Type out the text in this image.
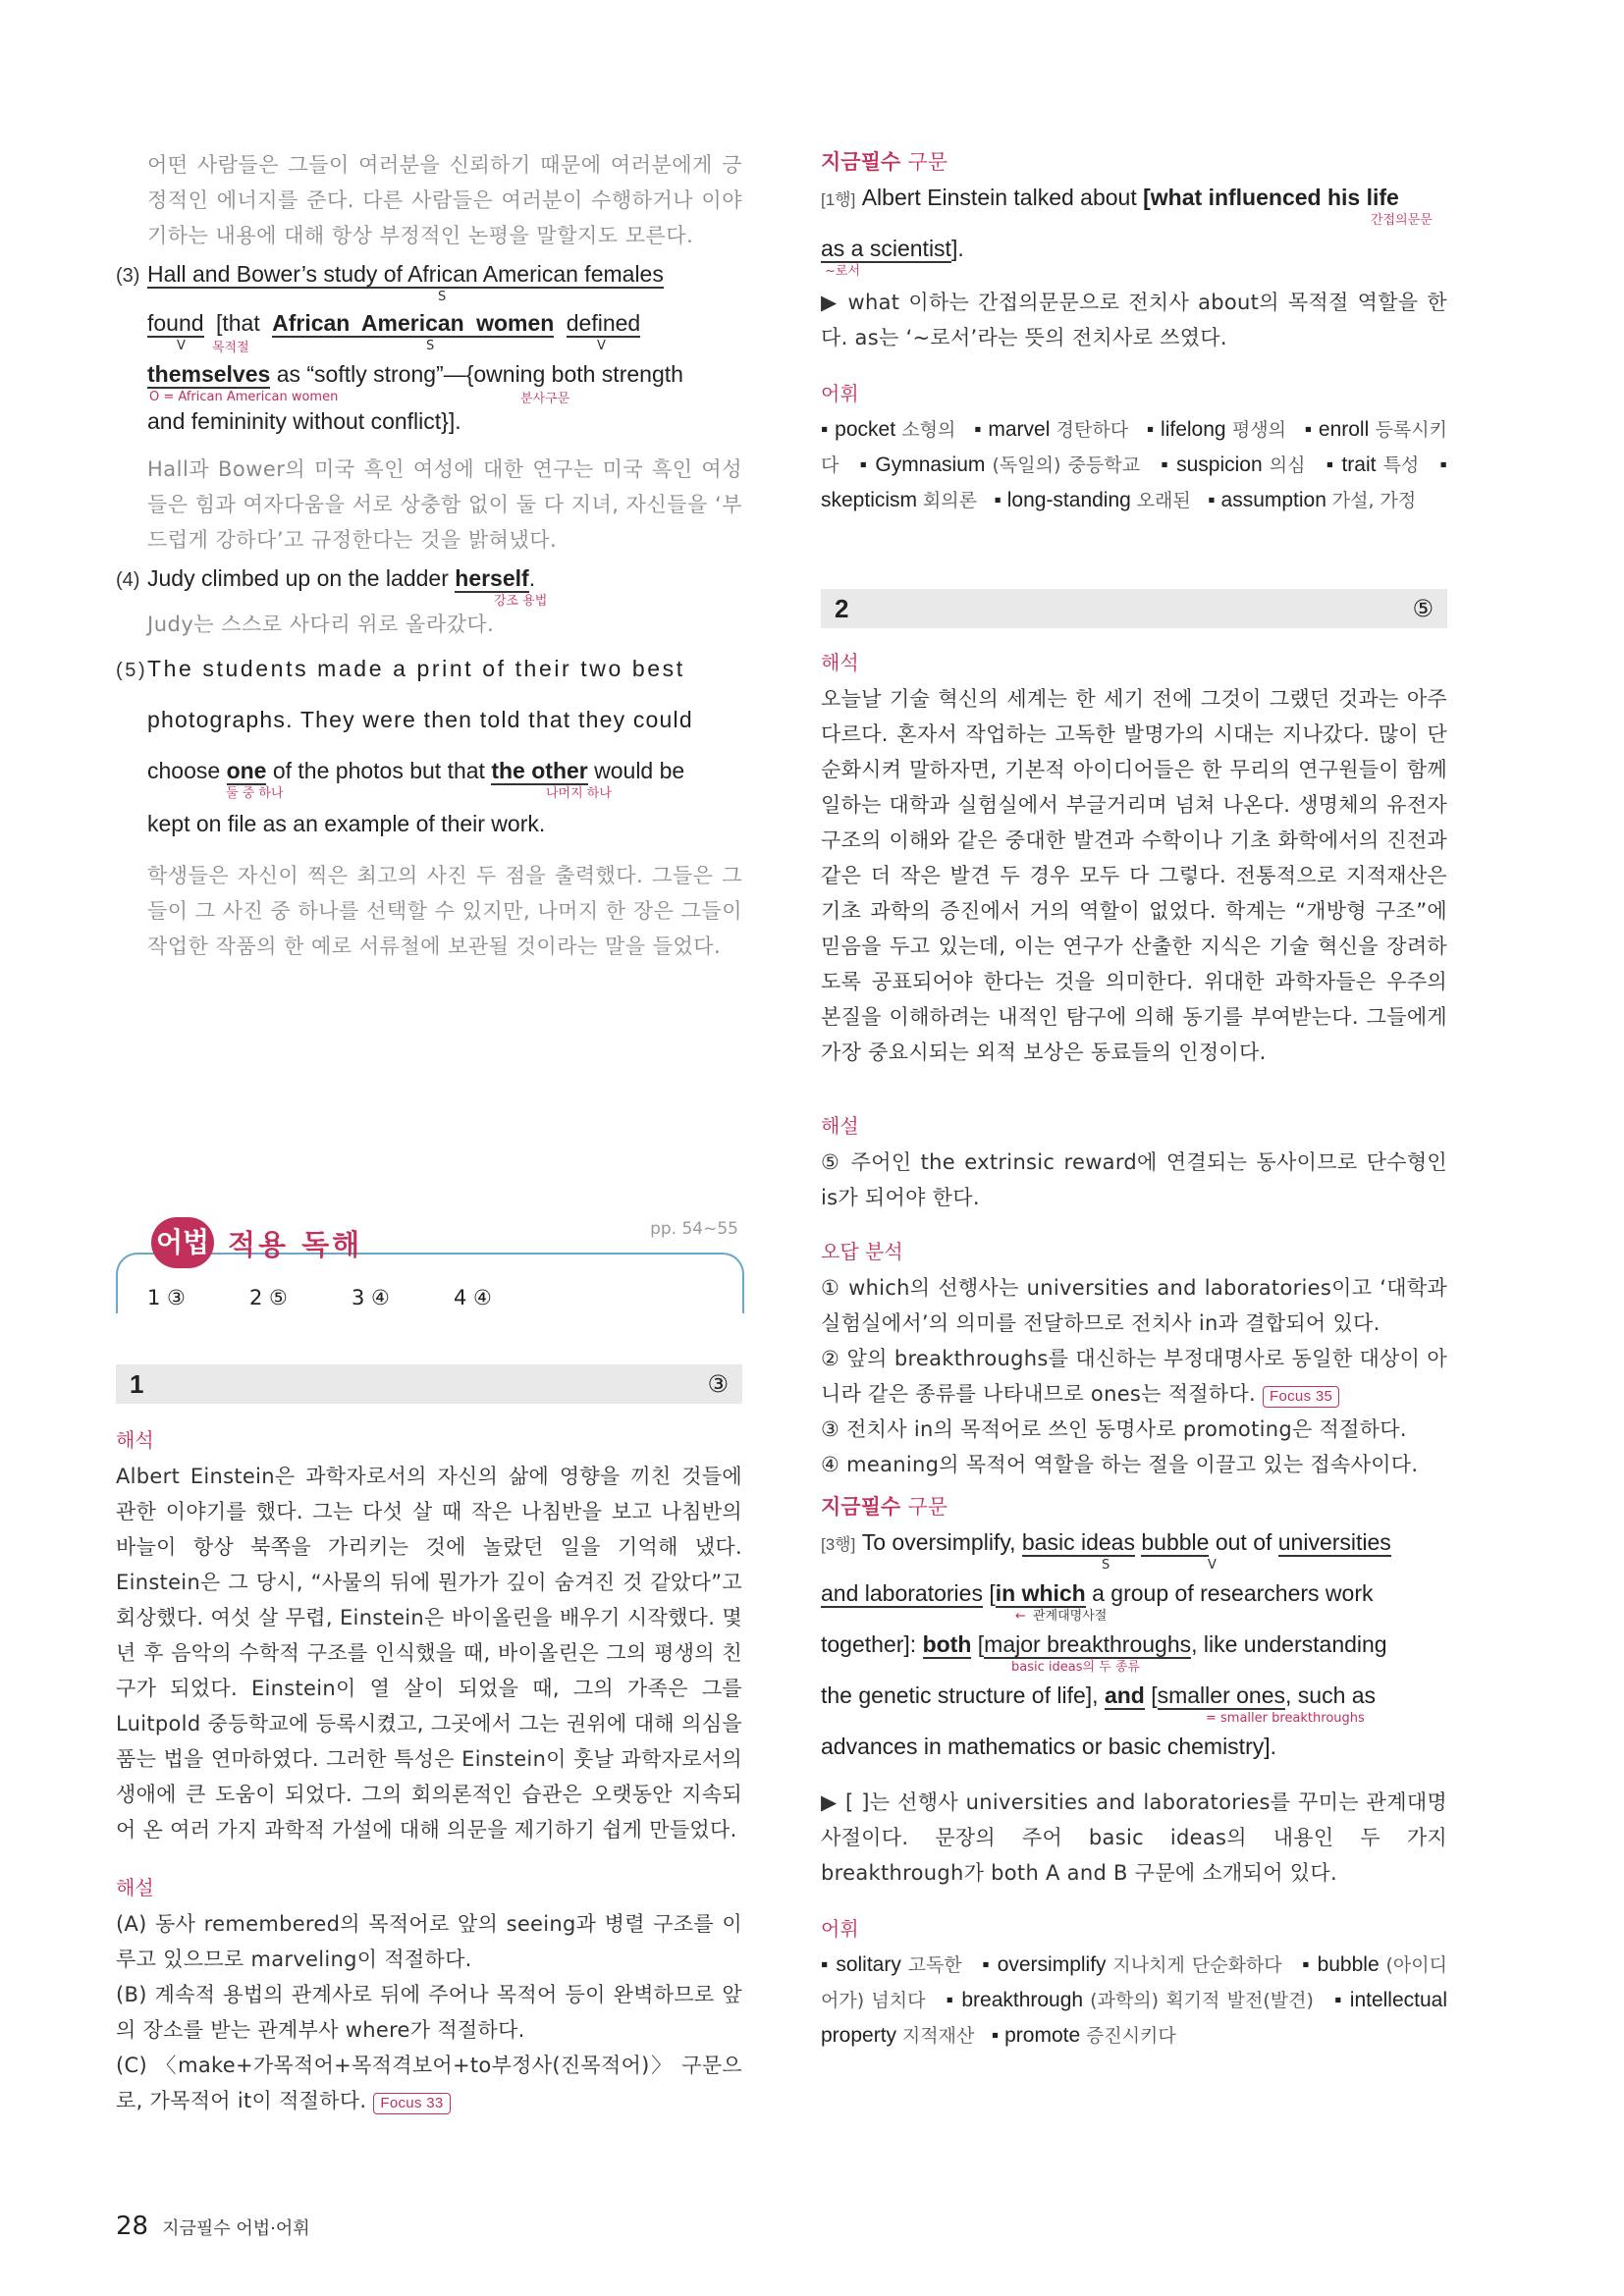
어떤 사람들은 그들이 여러분을 신뢰하기 때문에 여러분에게 긍정적인 에너지를 준다. 다른 사람들은 여러분이 수행하거나 이야기하는 내용에 대해 항상 부정적인 논평을 말할지도 모른다.

(3) Hall and Bower’s study of African American females
S
found [that African American women defined
V 목적절	S	V
themselves as “softly strong”—{owning both strength
O = African American women	분사구문
and femininity without conflict}].

Hall과 Bower의 미국 흑인 여성에 대한 연구는 미국 흑인 여성들은 힘과 여자다움을 서로 상충함 없이 둘 다 지녀, 자신들을 ‘부드럽게 강하다’고 규정한다는 것을 밝혀냈다.

(4) Judy climbed up on the ladder herself.
강조 용법

Judy는 스스로 사다리 위로 올라갔다.

(5)The students made a print of their two best
photographs. They were then told that they could
choose one of the photos but that the other would be
둘 중 하나	나머지 하나
kept on file as an example of their work.

학생들은 자신이 찍은 최고의 사진 두 점을 출력했다. 그들은 그들이 그 사진 중 하나를 선택할 수 있지만, 나머지 한 장은 그들이 작업한 작품의 한 예로 서류철에 보관될 것이라는 말을 들었다.

어법 적용 독해	pp. 54~55
1 ③	2 ⑤	3 ④	4 ④
1	③

해석

Albert Einstein은 과학자로서의 자신의 삶에 영향을 끼친 것들에 관한 이야기를 했다. 그는 다섯 살 때 작은 나침반을 보고 나침반의 바늘이 항상 북쪽을 가리키는 것에 놀랐던 일을 기억해 냈다. Einstein은 그 당시, “사물의 뒤에 뭔가가 깊이 숨겨진 것 같았다”고 회상했다. 여섯 살 무렵, Einstein은 바이올린을 배우기 시작했다. 몇 년 후 음악의 수학적 구조를 인식했을 때, 바이올린은 그의 평생의 친구가 되었다. Einstein이 열 살이 되었을 때, 그의 가족은 그를 Luitpold 중등학교에 등록시켰고, 그곳에서 그는 권위에 대해 의심을 품는 법을 연마하였다. 그러한 특성은 Einstein이 훗날 과학자로서의 생애에 큰 도움이 되었다. 그의 회의론적인 습관은 오랫동안 지속되어 온 여러 가지 과학적 가설에 대해 의문을 제기하기 쉽게 만들었다.

해설

(A) 동사 remembered의 목적어로 앞의 seeing과 병렬 구조를 이루고 있으므로 marveling이 적절하다.

(B) 계속적 용법의 관계사로 뒤에 주어나 목적어 등이 완벽하므로 앞의 장소를 받는 관계부사 where가 적절하다.

(C) 〈make+가목적어+목적격보어+to부정사(진목적어)〉 구문으로, 가목적어 it이 적절하다. Focus 33

지금필수 구문

[1행] Albert Einstein talked about [what influenced his life
간접의문문
as a scientist].
~로서

▶ what 이하는 간접의문문으로 전치사 about의 목적절 역할을 한다. as는 ‘~로서’라는 뜻의 전치사로 쓰였다.

어휘

▪ pocket 소형의 ▪ marvel 경탄하다 ▪ lifelong 평생의 ▪ enroll 등록시키다 ▪ Gymnasium (독일의) 중등학교 ▪ suspicion 의심 ▪ trait 특성 ▪ skepticism 회의론 ▪ long-standing 오래된 ▪ assumption 가설, 가정
2	⑤

해석

오늘날 기술 혁신의 세계는 한 세기 전에 그것이 그랬던 것과는 아주 다르다. 혼자서 작업하는 고독한 발명가의 시대는 지나갔다. 많이 단순화시켜 말하자면, 기본적 아이디어들은 한 무리의 연구원들이 함께 일하는 대학과 실험실에서 부글거리며 넘쳐 나온다. 생명체의 유전자 구조의 이해와 같은 중대한 발견과 수학이나 기초 화학에서의 진전과 같은 더 작은 발견 두 경우 모두 다 그렇다. 전통적으로 지적재산은 기초 과학의 증진에서 거의 역할이 없었다. 학계는 “개방형 구조”에 믿음을 두고 있는데, 이는 연구가 산출한 지식은 기술 혁신을 장려하도록 공표되어야 한다는 것을 의미한다. 위대한 과학자들은 우주의 본질을 이해하려는 내적인 탐구에 의해 동기를 부여받는다. 그들에게 가장 중요시되는 외적 보상은 동료들의 인정이다.

해설

⑤ 주어인 the extrinsic reward에 연결되는 동사이므로 단수형인 is가 되어야 한다.

오답 분석

① which의 선행사는 universities and laboratories이고 ‘대학과 실험실에서’의 의미를 전달하므로 전치사 in과 결합되어 있다.

② 앞의 breakthroughs를 대신하는 부정대명사로 동일한 대상이 아니라 같은 종류를 나타내므로 ones는 적절하다. Focus 35

③ 전치사 in의 목적어로 쓰인 동명사로 promoting은 적절하다.

④ meaning의 목적어 역할을 하는 절을 이끌고 있는 접속사이다.

지금필수 구문

[3행] To oversimplify, basic ideas bubble out of universities
S	V
and laboratories [in which a group of researchers work
← 관계대명사절
together]: both [major breakthroughs, like understanding
basic ideas의 두 종류
the genetic structure of life], and [smaller ones, such as
= smaller breakthroughs
advances in mathematics or basic chemistry].

▶ [ ]는 선행사 universities and laboratories를 꾸미는 관계대명사절이다. 문장의 주어 basic ideas의 내용인 두 가지 breakthrough가 both A and B 구문에 소개되어 있다.

어휘

▪ solitary 고독한 ▪ oversimplify 지나치게 단순화하다 ▪ bubble (아이디어가) 넘치다 ▪ breakthrough (과학의) 획기적 발전(발견) ▪ intellectual property 지적재산 ▪ promote 증진시키다
28 지금필수 어법·어휘
